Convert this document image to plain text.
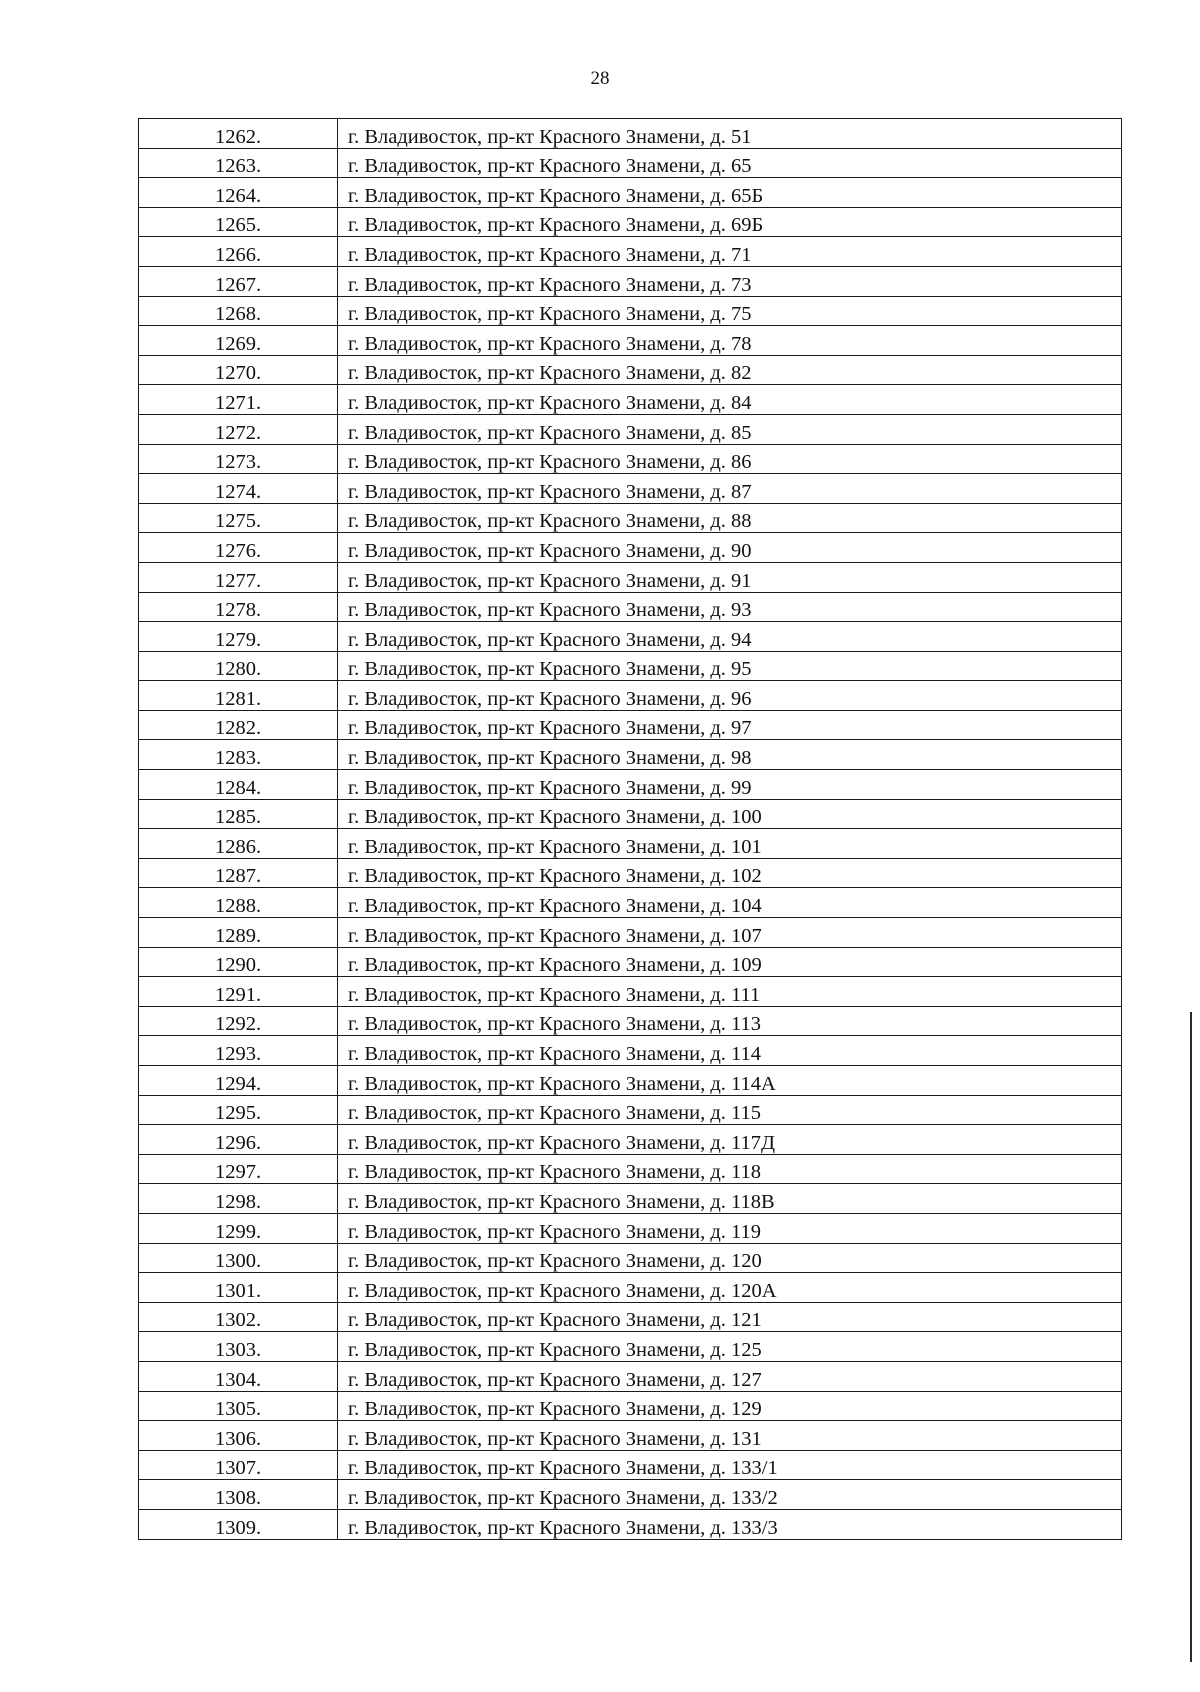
28
1262.	г. Владивосток, пр-кт Красного Знамени, д. 51
1263.	г. Владивосток, пр-кт Красного Знамени, д. 65
1264.	г. Владивосток, пр-кт Красного Знамени, д. 65Б
1265.	г. Владивосток, пр-кт Красного Знамени, д. 69Б
1266.	г. Владивосток, пр-кт Красного Знамени, д. 71
1267.	г. Владивосток, пр-кт Красного Знамени, д. 73
1268.	г. Владивосток, пр-кт Красного Знамени, д. 75
1269.	г. Владивосток, пр-кт Красного Знамени, д. 78
1270.	г. Владивосток, пр-кт Красного Знамени, д. 82
1271.	г. Владивосток, пр-кт Красного Знамени, д. 84
1272.	г. Владивосток, пр-кт Красного Знамени, д. 85
1273.	г. Владивосток, пр-кт Красного Знамени, д. 86
1274.	г. Владивосток, пр-кт Красного Знамени, д. 87
1275.	г. Владивосток, пр-кт Красного Знамени, д. 88
1276.	г. Владивосток, пр-кт Красного Знамени, д. 90
1277.	г. Владивосток, пр-кт Красного Знамени, д. 91
1278.	г. Владивосток, пр-кт Красного Знамени, д. 93
1279.	г. Владивосток, пр-кт Красного Знамени, д. 94
1280.	г. Владивосток, пр-кт Красного Знамени, д. 95
1281.	г. Владивосток, пр-кт Красного Знамени, д. 96
1282.	г. Владивосток, пр-кт Красного Знамени, д. 97
1283.	г. Владивосток, пр-кт Красного Знамени, д. 98
1284.	г. Владивосток, пр-кт Красного Знамени, д. 99
1285.	г. Владивосток, пр-кт Красного Знамени, д. 100
1286.	г. Владивосток, пр-кт Красного Знамени, д. 101
1287.	г. Владивосток, пр-кт Красного Знамени, д. 102
1288.	г. Владивосток, пр-кт Красного Знамени, д. 104
1289.	г. Владивосток, пр-кт Красного Знамени, д. 107
1290.	г. Владивосток, пр-кт Красного Знамени, д. 109
1291.	г. Владивосток, пр-кт Красного Знамени, д. 111
1292.	г. Владивосток, пр-кт Красного Знамени, д. 113
1293.	г. Владивосток, пр-кт Красного Знамени, д. 114
1294.	г. Владивосток, пр-кт Красного Знамени, д. 114А
1295.	г. Владивосток, пр-кт Красного Знамени, д. 115
1296.	г. Владивосток, пр-кт Красного Знамени, д. 117Д
1297.	г. Владивосток, пр-кт Красного Знамени, д. 118
1298.	г. Владивосток, пр-кт Красного Знамени, д. 118В
1299.	г. Владивосток, пр-кт Красного Знамени, д. 119
1300.	г. Владивосток, пр-кт Красного Знамени, д. 120
1301.	г. Владивосток, пр-кт Красного Знамени, д. 120А
1302.	г. Владивосток, пр-кт Красного Знамени, д. 121
1303.	г. Владивосток, пр-кт Красного Знамени, д. 125
1304.	г. Владивосток, пр-кт Красного Знамени, д. 127
1305.	г. Владивосток, пр-кт Красного Знамени, д. 129
1306.	г. Владивосток, пр-кт Красного Знамени, д. 131
1307.	г. Владивосток, пр-кт Красного Знамени, д. 133/1
1308.	г. Владивосток, пр-кт Красного Знамени, д. 133/2
1309.	г. Владивосток, пр-кт Красного Знамени, д. 133/3
